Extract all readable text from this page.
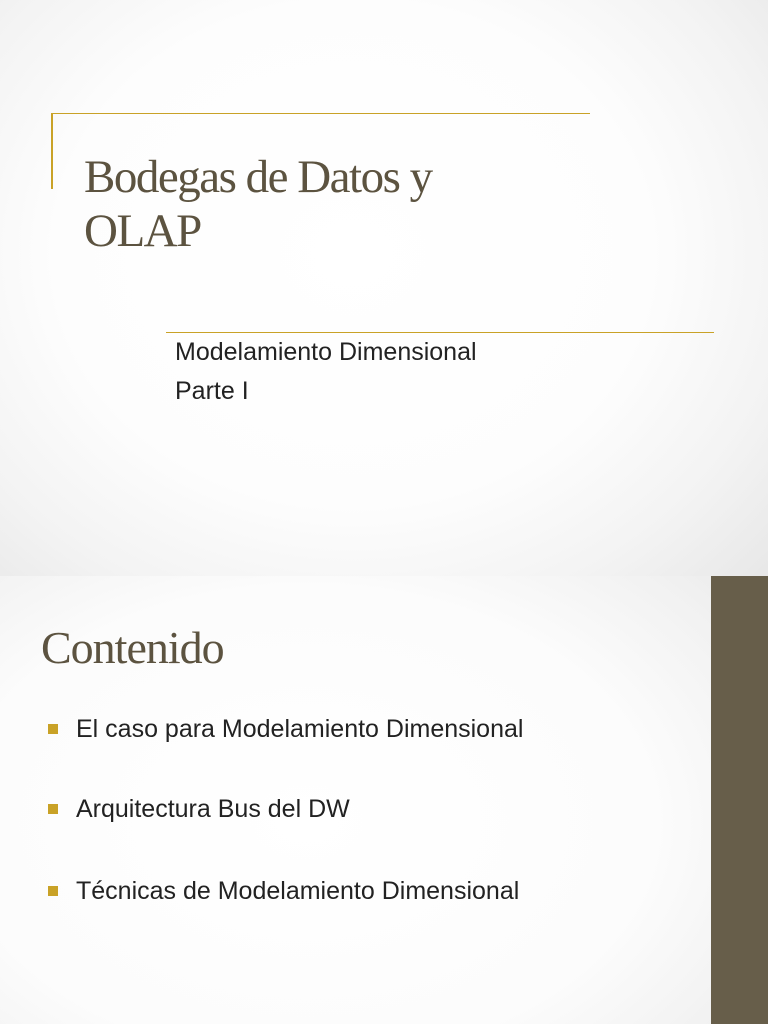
Bodegas de Datos y
OLAP
Modelamiento Dimensional
Parte I
Contenido
El caso para Modelamiento Dimensional
Arquitectura Bus del DW
Técnicas de Modelamiento Dimensional
